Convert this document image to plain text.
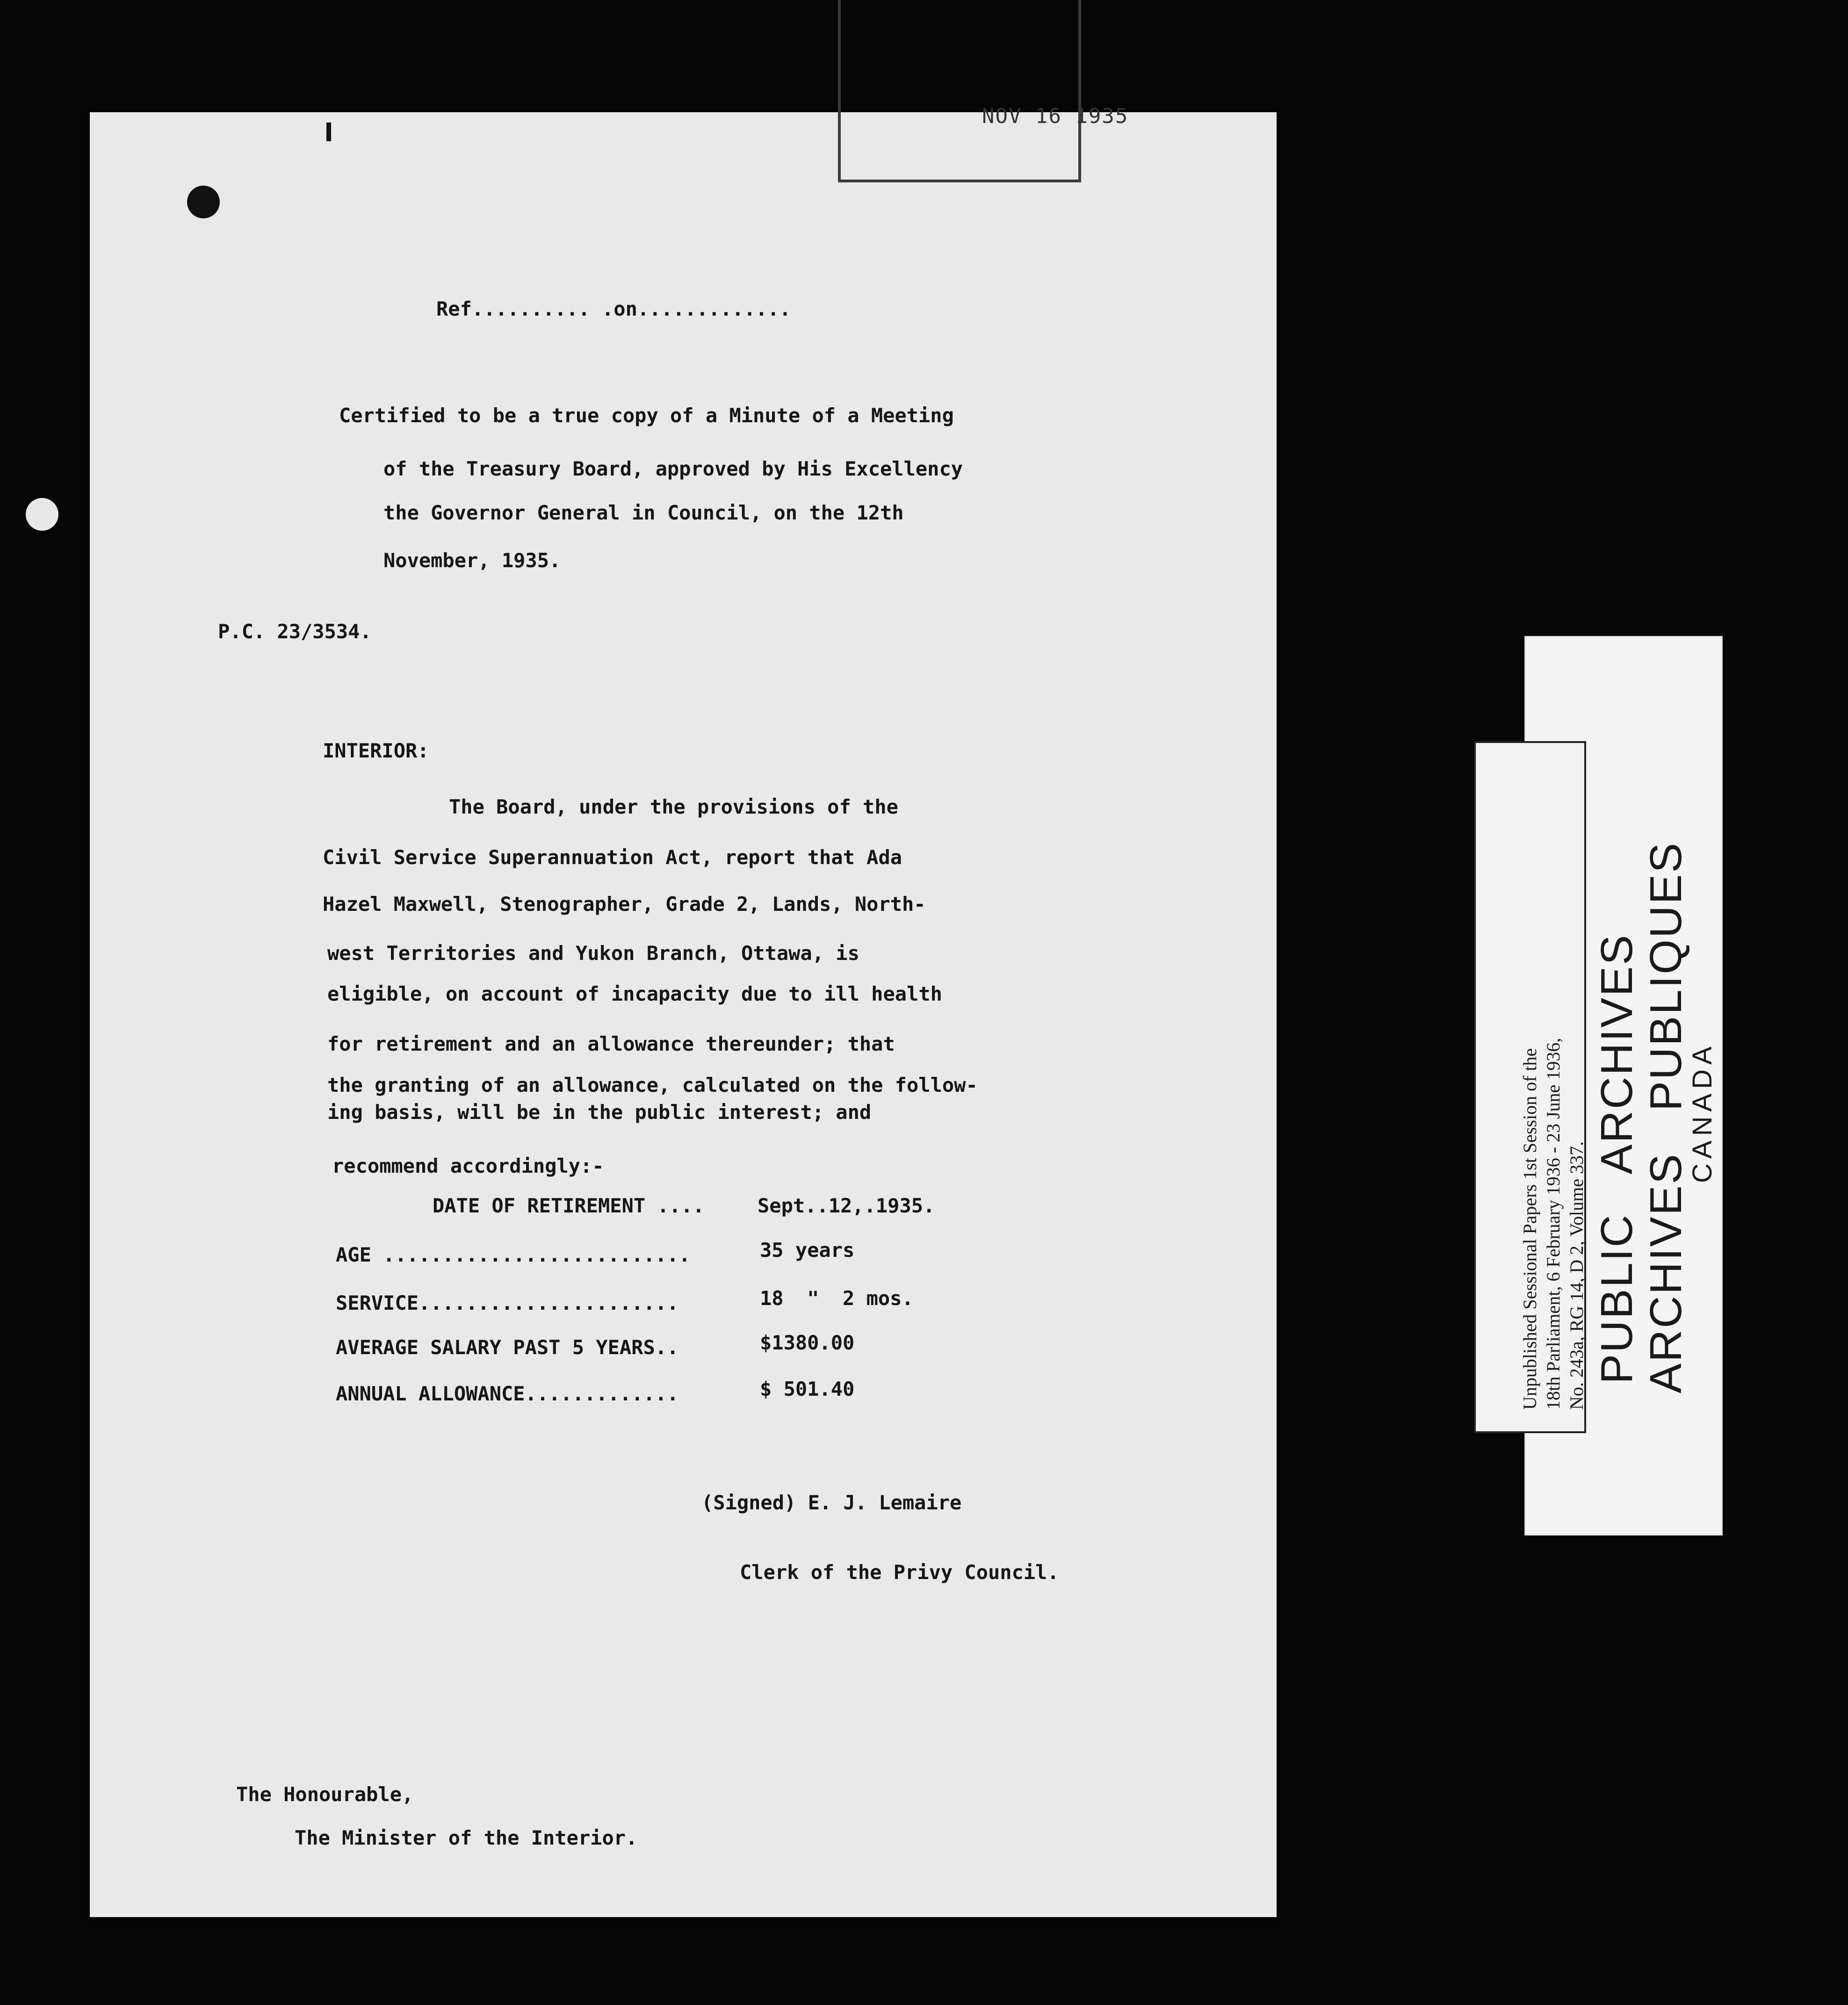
NOV 16 1935
Ref.......... .on.............
Certified to be a true copy of a Minute of a Meeting
of the Treasury Board, approved by His Excellency
the Governor General in Council, on the 12th
November, 1935.
P.C. 23/3534.
INTERIOR:
The Board, under the provisions of the
Civil Service Superannuation Act, report that Ada
Hazel Maxwell, Stenographer, Grade 2, Lands, North-
west Territories and Yukon Branch, Ottawa, is
eligible, on account of incapacity due to ill health
for retirement and an allowance thereunder; that
the granting of an allowance, calculated on the follow-
ing basis, will be in the public interest; and
recommend accordingly:-
DATE OF RETIREMENT ....	Sept..12,.1935.
AGE ..........................	35 years
SERVICE......................	18  "  2 mos.
AVERAGE SALARY PAST 5 YEARS..	$1380.00
ANNUAL ALLOWANCE.............	$ 501.40
(Signed) E. J. Lemaire
Clerk of the Privy Council.
The Honourable,
The Minister of the Interior.
Unpublished Sessional Papers 1st Session of the 18th Parliament, 6 February 1936 - 23 June 1936, No. 243a, RG 14, D 2, Volume 337. PUBLIC   ARCHIVES
ARCHIVES   PUBLIQUES
CANADA
